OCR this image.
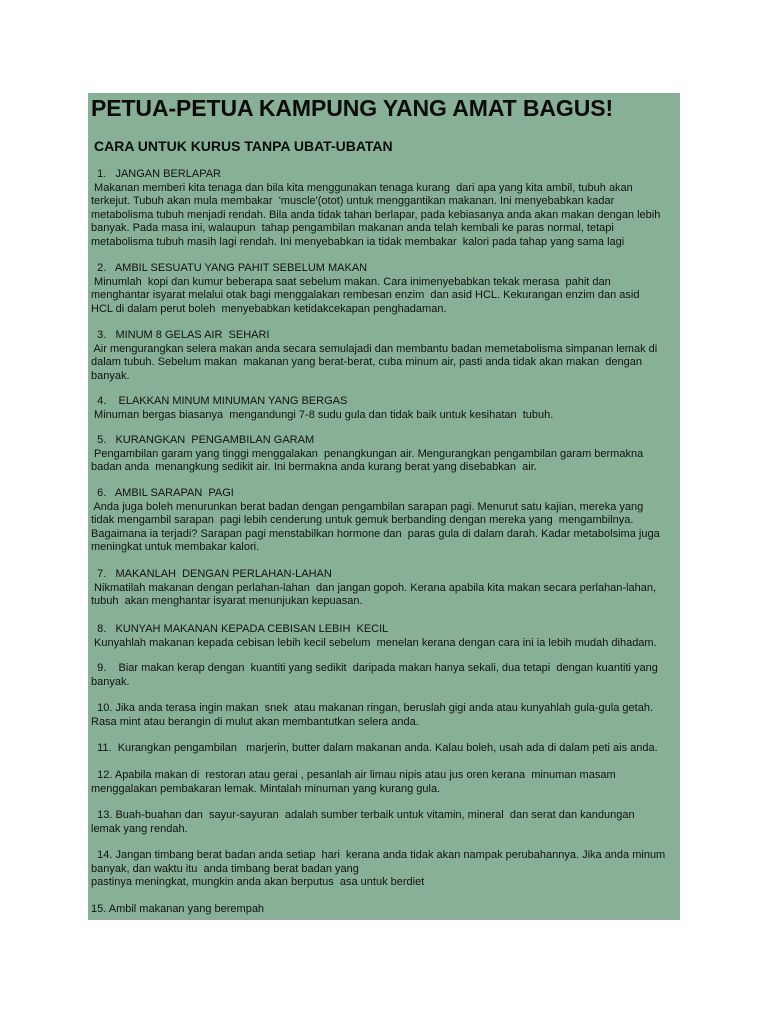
PETUA-PETUA KAMPUNG YANG AMAT BAGUS!
CARA UNTUK KURUS TANPA UBAT-UBATAN
1.   JANGAN BERLAPAR
Makanan memberi kita tenaga dan bila kita menggunakan tenaga kurang  dari apa yang kita ambil, tubuh akan
terkejut. Tubuh akan mula membakar  'muscle'(otot) untuk menggantikan makanan. Ini menyebabkan kadar
metabolisma tubuh menjadi rendah. Bila anda tidak tahan berlapar, pada kebiasanya anda akan makan dengan lebih
banyak. Pada masa ini, walaupun  tahap pengambilan makanan anda telah kembali ke paras normal, tetapi
metabolisma tubuh masih lagi rendah. Ini menyebabkan ia tidak membakar  kalori pada tahap yang sama lagi
2.   AMBIL SESUATU YANG PAHIT SEBELUM MAKAN
Minumlah  kopi dan kumur beberapa saat sebelum makan. Cara inimenyebabkan tekak merasa  pahit dan
menghantar isyarat melalui otak bagi menggalakan rembesan enzim  dan asid HCL. Kekurangan enzim dan asid
HCL di dalam perut boleh  menyebabkan ketidakcekapan penghadaman.
3.   MINUM 8 GELAS AIR  SEHARI
Air mengurangkan selera makan anda secara semulajadi dan membantu badan memetabolisma simpanan lemak di
dalam tubuh. Sebelum makan  makanan yang berat-berat, cuba minum air, pasti anda tidak akan makan  dengan
banyak.
4.    ELAKKAN MINUM MINUMAN YANG BERGAS
Minuman bergas biasanya  mengandungi 7-8 sudu gula dan tidak baik untuk kesihatan  tubuh.
5.   KURANGKAN  PENGAMBILAN GARAM
Pengambilan garam yang tinggi menggalakan  penangkungan air. Mengurangkan pengambilan garam bermakna
badan anda  menangkung sedikit air. Ini bermakna anda kurang berat yang disebabkan  air.
6.   AMBIL SARAPAN  PAGI
Anda juga boleh menurunkan berat badan dengan pengambilan sarapan pagi. Menurut satu kajian, mereka yang
tidak mengambil sarapan  pagi lebih cenderung untuk gemuk berbanding dengan mereka yang  mengambilnya.
Bagaimana ia terjadi? Sarapan pagi menstabilkan hormone dan  paras gula di dalam darah. Kadar metabolsima juga
meningkat untuk membakar kalori.
7.   MAKANLAH  DENGAN PERLAHAN-LAHAN
Nikmatilah makanan dengan perlahan-lahan  dan jangan gopoh. Kerana apabila kita makan secara perlahan-lahan,
tubuh  akan menghantar isyarat menunjukan kepuasan.
8.   KUNYAH MAKANAN KEPADA CEBISAN LEBIH  KECIL
Kunyahlah makanan kepada cebisan lebih kecil sebelum  menelan kerana dengan cara ini ia lebih mudah dihadam.
9.    Biar makan kerap dengan  kuantiti yang sedikit  daripada makan hanya sekali, dua tetapi  dengan kuantiti yang
banyak.
10. Jika anda terasa ingin makan  snek  atau makanan ringan, beruslah gigi anda atau kunyahlah gula-gula getah.
Rasa mint atau berangin di mulut akan membantutkan selera anda.
11.  Kurangkan pengambilan   marjerin, butter dalam makanan anda. Kalau boleh, usah ada di dalam peti ais anda.
12. Apabila makan di  restoran atau gerai , pesanlah air limau nipis atau jus oren kerana  minuman masam
menggalakan pembakaran lemak. Mintalah minuman yang kurang gula.
13. Buah-buahan dan  sayur-sayuran  adalah sumber terbaik untuk vitamin, mineral  dan serat dan kandungan
lemak yang rendah.
14. Jangan timbang berat badan anda setiap  hari  kerana anda tidak akan nampak perubahannya. Jika anda minum
banyak, dan waktu itu  anda timbang berat badan yang
pastinya meningkat, mungkin anda akan berputus  asa untuk berdiet
15. Ambil makanan yang berempah
